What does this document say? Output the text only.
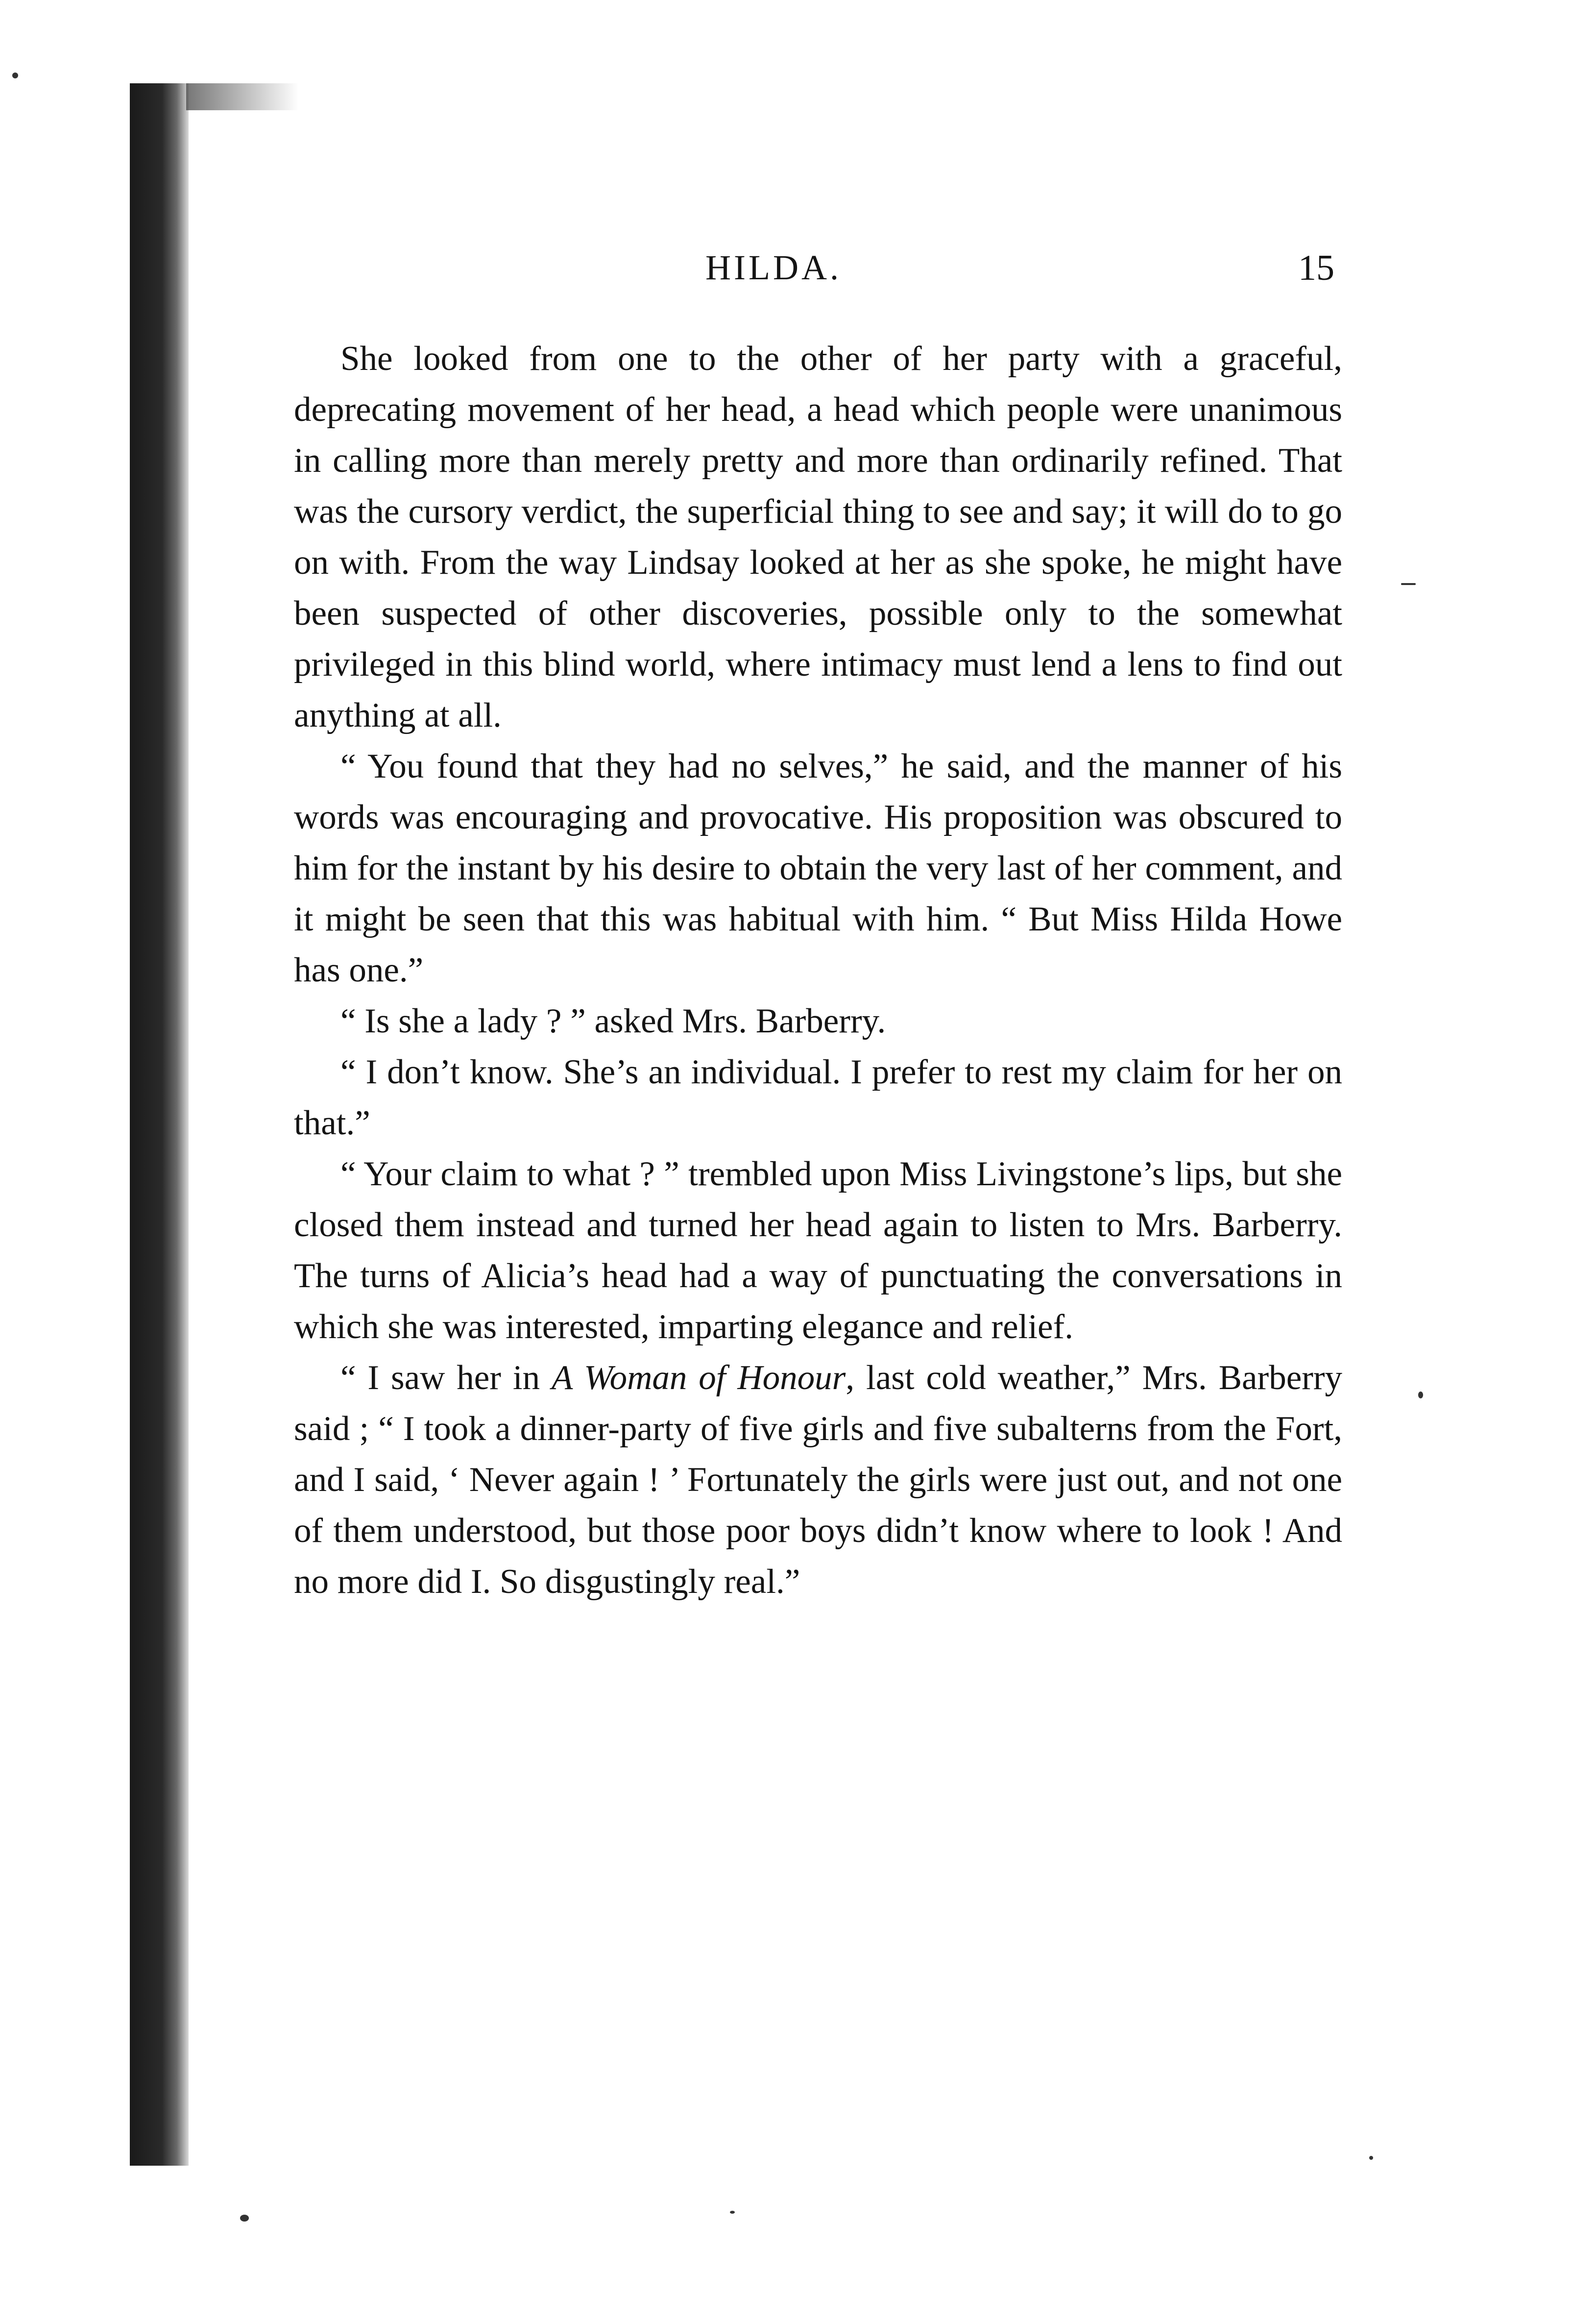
HILDA.	15

She looked from one to the other of her party with a graceful, deprecating movement of her head, a head which people were unanimous in calling more than merely pretty and more than ordinarily refined. That was the cursory verdict, the superficial thing to see and say; it will do to go on with. From the way Lindsay looked at her as she spoke, he might have been suspected of other discoveries, possible only to the somewhat privileged in this blind world, where intimacy must lend a lens to find out anything at all.

“ You found that they had no selves,” he said, and the manner of his words was encouraging and provocative. His proposition was obscured to him for the instant by his desire to obtain the very last of her comment, and it might be seen that this was habitual with him. “ But Miss Hilda Howe has one.”

“ Is she a lady ? ” asked Mrs. Barberry.

“ I don’t know. She’s an individual. I prefer to rest my claim for her on that.”

“ Your claim to what ? ” trembled upon Miss Livingstone’s lips, but she closed them instead and turned her head again to listen to Mrs. Barberry. The turns of Alicia’s head had a way of punctuating the conversations in which she was interested, imparting elegance and relief.

“ I saw her in A Woman of Honour, last cold weather,” Mrs. Barberry said ; “ I took a dinner-party of five girls and five subalterns from the Fort, and I said, ‘ Never again ! ’ Fortunately the girls were just out, and not one of them understood, but those poor boys didn’t know where to look ! And no more did I. So disgustingly real.”
